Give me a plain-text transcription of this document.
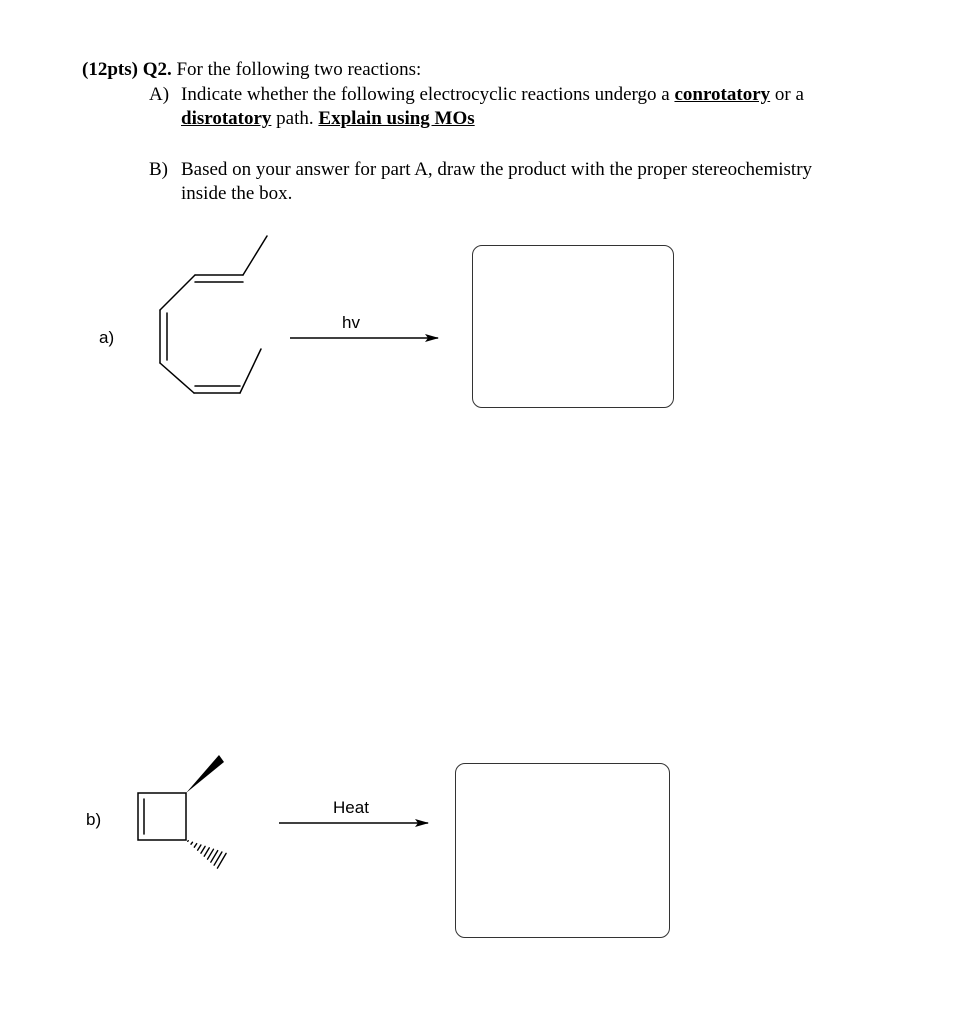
(12pts) Q2. For the following two reactions:
A) Indicate whether the following electrocyclic reactions undergo a conrotatory or a
disrotatory path. Explain using MOs
B) Based on your answer for part A, draw the product with the proper stereochemistry
inside the box.
a)
b)
hv
Heat
